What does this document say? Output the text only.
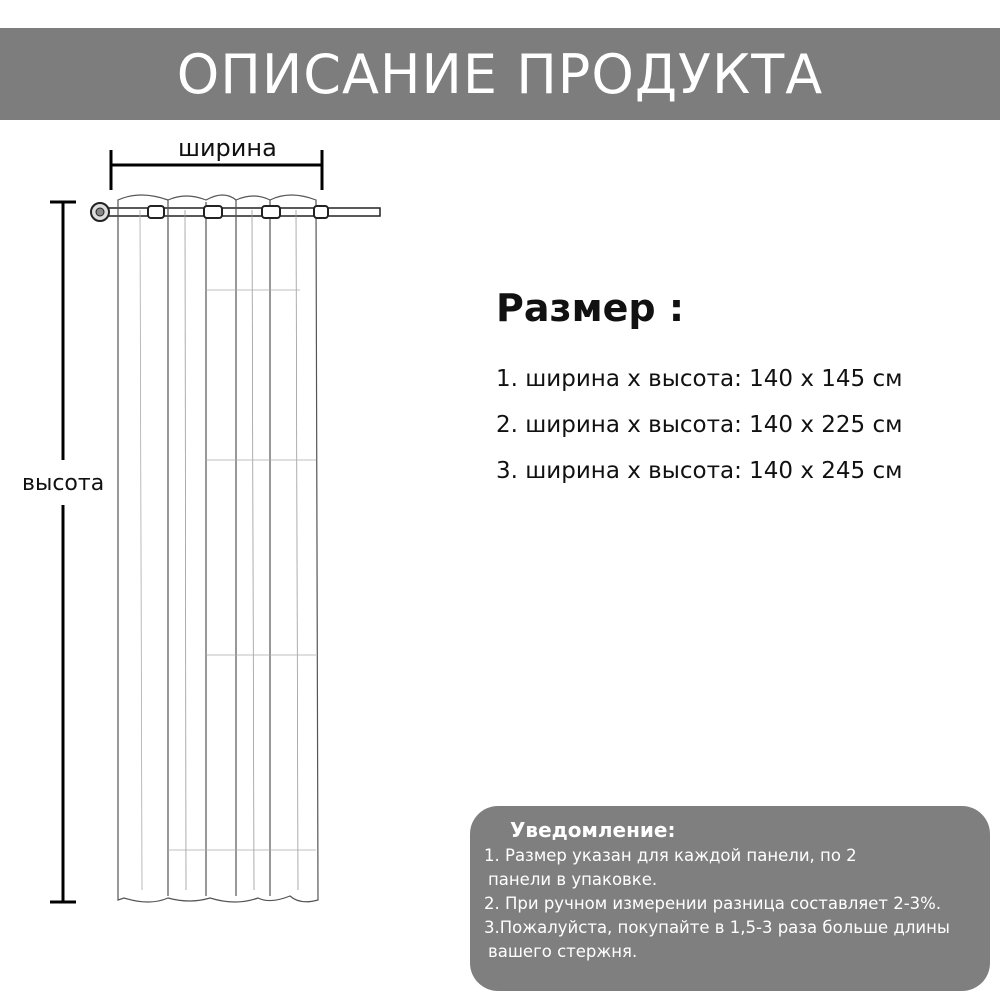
ОПИСАНИЕ ПРОДУКТА
ширина
высота

Размер :

1. ширина x высота: 140 x 145 см

2. ширина x высота: 140 x 225 см

3. ширина x высота: 140 x 245 см

Уведомление:

1. Размер указан для каждой панели, по 2

панели в упаковке.

2. При ручном измерении разница составляет 2-3%.

3.Пожалуйста, покупайте в 1,5-3 раза больше длины

вашего стержня.
